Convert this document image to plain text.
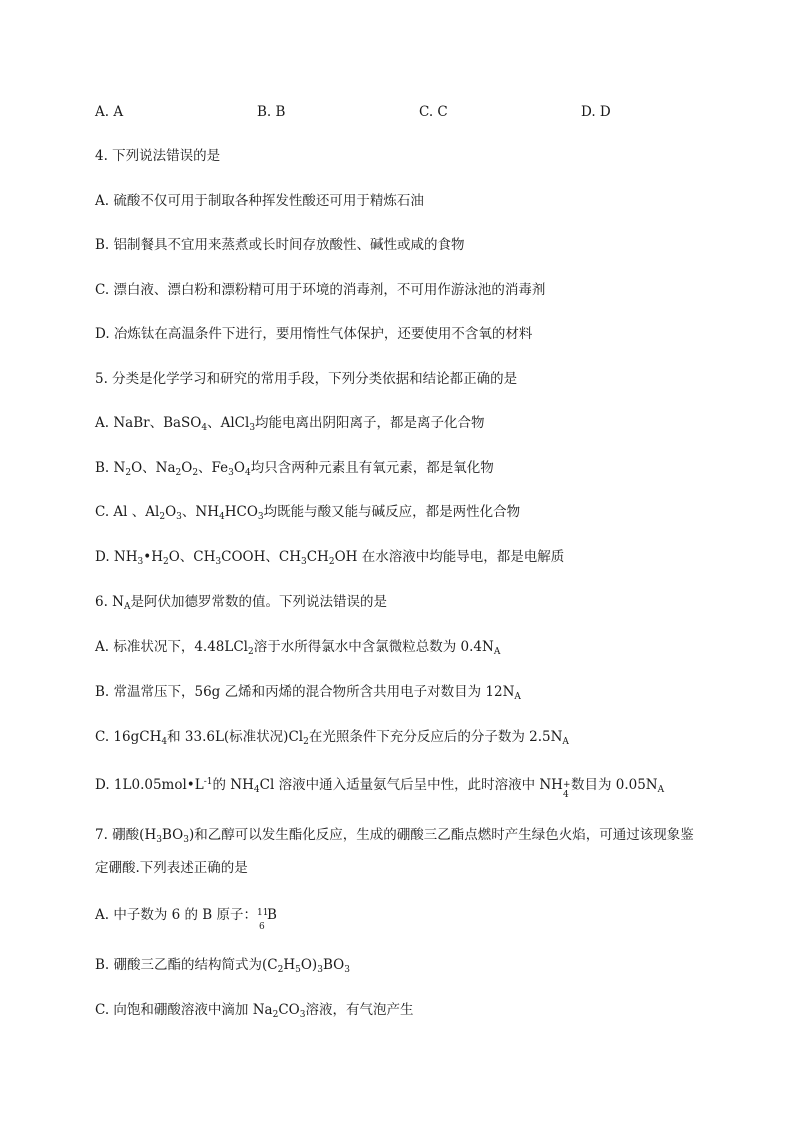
A. A	B. B	C. C	D. D
4. 下列说法错误的是
A. 硫酸不仅可用于制取各种挥发性酸还可用于精炼石油
B. 铝制餐具不宜用来蒸煮或长时间存放酸性、碱性或咸的食物
C. 漂白液、漂白粉和漂粉精可用于环境的消毒剂，不可用作游泳池的消毒剂
D. 冶炼钛在高温条件下进行，要用惰性气体保护，还要使用不含氧的材料
5. 分类是化学学习和研究的常用手段，下列分类依据和结论都正确的是
A. NaBr、BaSO$_4$、AlCl$_3$均能电离出阴阳离子，都是离子化合物
B. $N_2O$、$Na_2O_2$、$Fe_3O_4$均只含两种元素且有氧元素，都是氧化物
C. Al 、$Al_2O_3$、$NH_4HCO_3$均既能与酸又能与碱反应，都是两性化合物
D. $NH_3•H_2O$、$CH_3COOH$、$CH_3CH_2OH$ 在水溶液中均能导电，都是电解质
6. $N_A$是阿伏加德罗常数的值。下列说法错误的是
A. 标准状况下，4.48LCl$_2$溶于水所得氯水中含氯微粒总数为 $0.4N_A$
B. 常温常压下，56g 乙烯和丙烯的混合物所含共用电子对数目为 $12N_A$
C. 16gCH$_4$和 33.6L(标准状况)$Cl_2$在光照条件下充分反应后的分子数为 $2.5N_A$
D. $1L0.05mol•L^{-1}$的 $NH_4Cl$ 溶液中通入适量氨气后呈中性，此时溶液中 NH +
4
数目为 $0.05N_A$
7. 硼酸$(H_3BO_3)$和乙醇可以发生酯化反应，生成的硼酸三乙酯点燃时产生绿色火焰，可通过该现象鉴
定硼酸.下列表述正确的是
A. 中子数为 6 的 B 原子： 11
6
B
B. 硼酸三乙酯的结构简式为$(C_2H_5O)_3BO_3$
C. 向饱和硼酸溶液中滴加 $Na_2CO_3$溶液，有气泡产生
